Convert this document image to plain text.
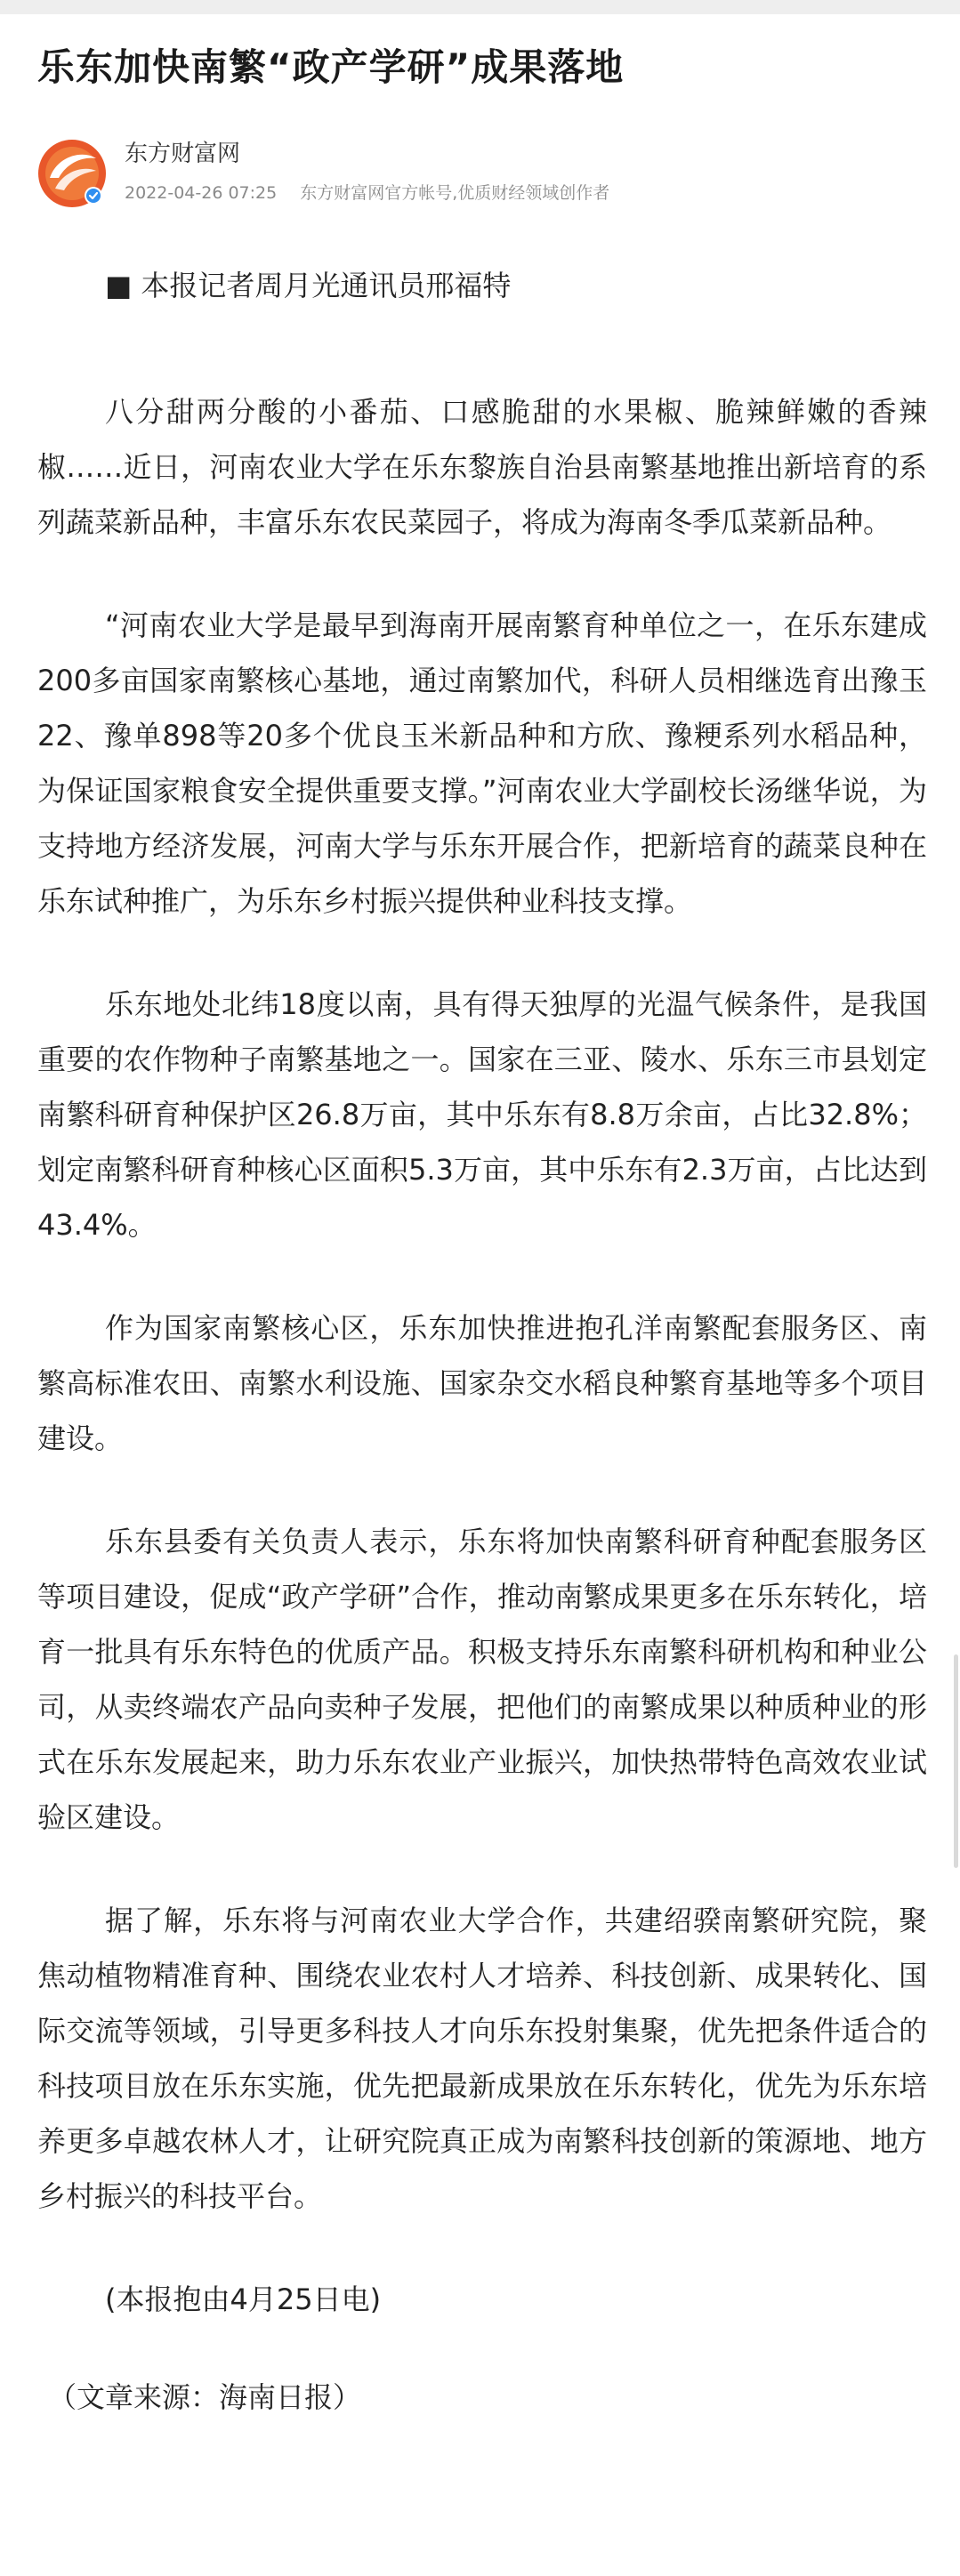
乐东加快南繁“政产学研”成果落地
东方财富网
2022-04-26 07:25 东方财富网官方帐号,优质财经领域创作者

■ 本报记者周月光通讯员邢福特

八分甜两分酸的小番茄、口感脆甜的水果椒、脆辣鲜嫩的香辣椒……近日，河南农业大学在乐东黎族自治县南繁基地推出新培育的系列蔬菜新品种，丰富乐东农民菜园子，将成为海南冬季瓜菜新品种。

“河南农业大学是最早到海南开展南繁育种单位之一，在乐东建成200多亩国家南繁核心基地，通过南繁加代，科研人员相继选育出豫玉22、豫单898等20多个优良玉米新品种和方欣、豫粳系列水稻品种，为保证国家粮食安全提供重要支撑。”河南农业大学副校长汤继华说，为支持地方经济发展，河南大学与乐东开展合作，把新培育的蔬菜良种在乐东试种推广，为乐东乡村振兴提供种业科技支撑。

乐东地处北纬18度以南，具有得天独厚的光温气候条件，是我国重要的农作物种子南繁基地之一。国家在三亚、陵水、乐东三市县划定南繁科研育种保护区26.8万亩，其中乐东有8.8万余亩，占比32.8%；划定南繁科研育种核心区面积5.3万亩，其中乐东有2.3万亩，占比达到43.4%。

作为国家南繁核心区，乐东加快推进抱孔洋南繁配套服务区、南繁高标准农田、南繁水利设施、国家杂交水稻良种繁育基地等多个项目建设。

乐东县委有关负责人表示，乐东将加快南繁科研育种配套服务区等项目建设，促成“政产学研”合作，推动南繁成果更多在乐东转化，培育一批具有乐东特色的优质产品。积极支持乐东南繁科研机构和种业公司，从卖终端农产品向卖种子发展，把他们的南繁成果以种质种业的形式在乐东发展起来，助力乐东农业产业振兴，加快热带特色高效农业试验区建设。

据了解，乐东将与河南农业大学合作，共建绍骙南繁研究院，聚焦动植物精准育种、围绕农业农村人才培养、科技创新、成果转化、国际交流等领域，引导更多科技人才向乐东投射集聚，优先把条件适合的科技项目放在乐东实施，优先把最新成果放在乐东转化，优先为乐东培养更多卓越农林人才，让研究院真正成为南繁科技创新的策源地、地方乡村振兴的科技平台。

(本报抱由4月25日电)

（文章来源：海南日报）
